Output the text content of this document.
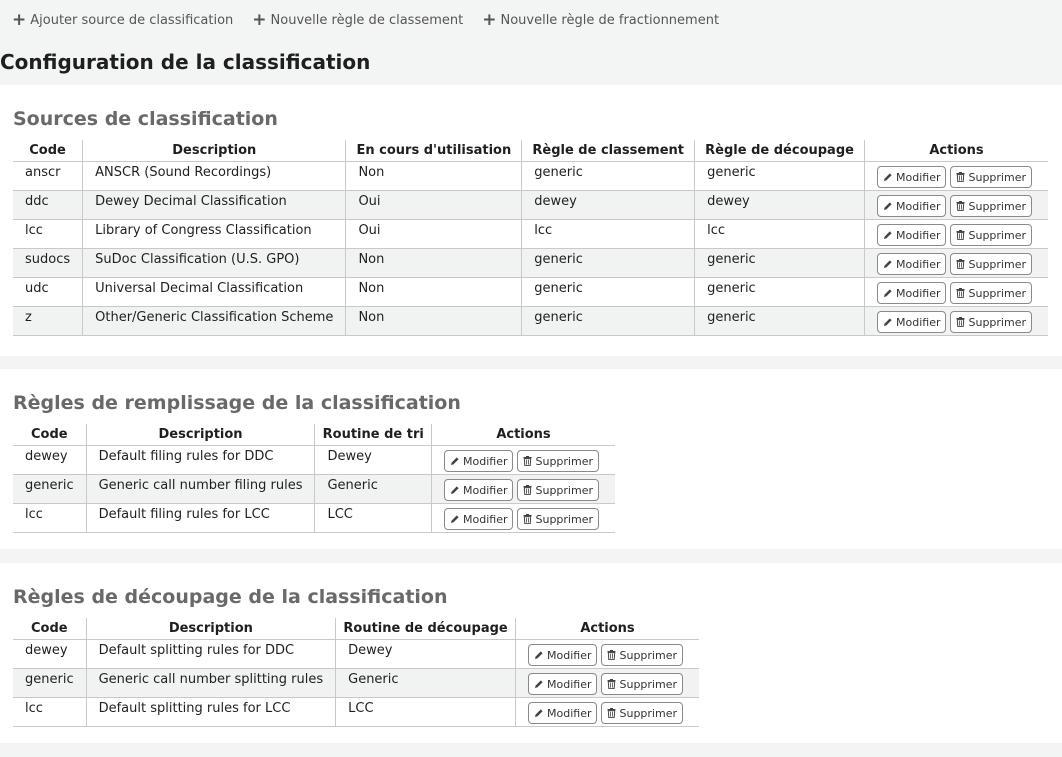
+ Ajouter source de classification + Nouvelle règle de classement + Nouvelle règle de fractionnement
Configuration de la classification
Sources de classification
Code	Description	En cours d'utilisation	Règle de classement	Règle de découpage	Actions
anscr	ANSCR (Sound Recordings)	Non	generic	generic	Modifier Supprimer

ddc	Dewey Decimal Classification	Oui	dewey	dewey	Modifier Supprimer

lcc	Library of Congress Classification	Oui	lcc	lcc	Modifier Supprimer

sudocs	SuDoc Classification (U.S. GPO)	Non	generic	generic	Modifier Supprimer

udc	Universal Decimal Classification	Non	generic	generic	Modifier Supprimer

z	Other/Generic Classification Scheme	Non	generic	generic	Modifier Supprimer
Règles de remplissage de la classification
Code	Description	Routine de tri	Actions
dewey	Default filing rules for DDC	Dewey	Modifier Supprimer

generic	Generic call number filing rules	Generic	Modifier Supprimer

lcc	Default filing rules for LCC	LCC	Modifier Supprimer
Règles de découpage de la classification
Code	Description	Routine de découpage	Actions
dewey	Default splitting rules for DDC	Dewey	Modifier Supprimer

generic	Generic call number splitting rules	Generic	Modifier Supprimer

lcc	Default splitting rules for LCC	LCC	Modifier Supprimer
